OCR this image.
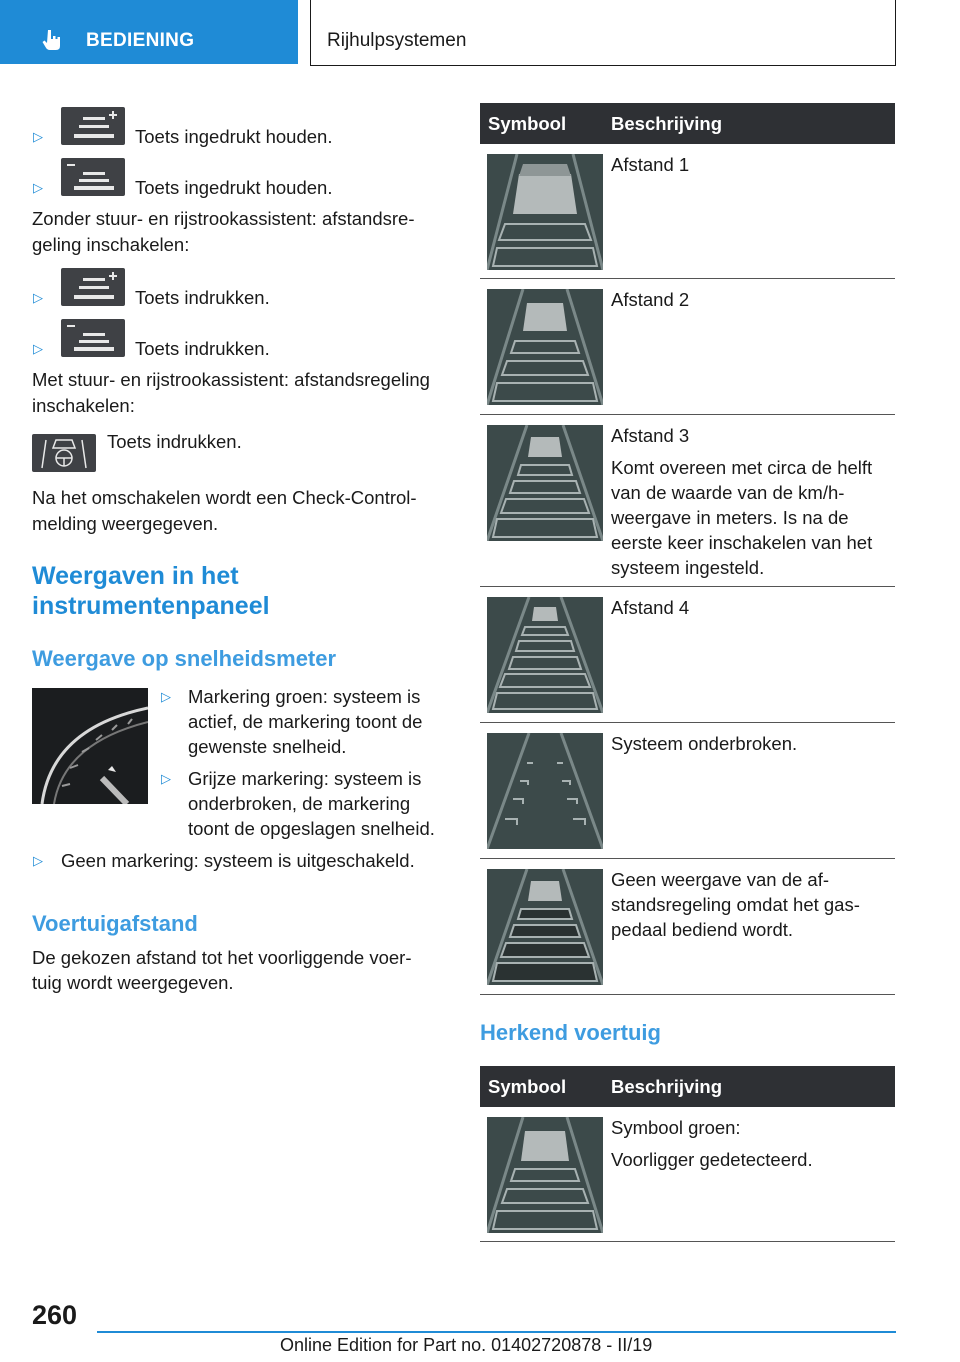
BEDIENING	Rijhulpsystemen
▷	Toets ingedrukt houden.
▷	Toets ingedrukt houden.
Zonder stuur- en rijstrookassistent: afstandsre-
geling inschakelen:
▷	Toets indrukken.
▷	Toets indrukken.
Met stuur- en rijstrookassistent: afstandsregeling
inschakelen:
Toets indrukken.
Na het omschakelen wordt een Check-Control-
melding weergegeven.
Weergaven in het
instrumentenpaneel
Weergave op snelheidsmeter
▷ Markering groen: systeem is
actief, de markering toont de
gewenste snelheid.
▷ Grijze markering: systeem is
onderbroken, de markering
toont de opgeslagen snelheid.
▷ Geen markering: systeem is uitgeschakeld.
Voertuigafstand
De gekozen afstand tot het voorliggende voer-
tuig wordt weergegeven.
Symbool Beschrijving

Afstand 1

Afstand 2

Afstand 3

Komt overeen met circa de helft van de waarde van de km/h-weergave in meters. Is na de eerste keer inschakelen van het systeem ingesteld.

Afstand 4

Systeem onderbroken.

Geen weergave van de af-standsregeling omdat het gas-pedaal bediend wordt.

Herkend voertuig
Symbool Beschrijving

Symbool groen:

Voorligger gedetecteerd.

260
Online Edition for Part no. 01402720878 - II/19
